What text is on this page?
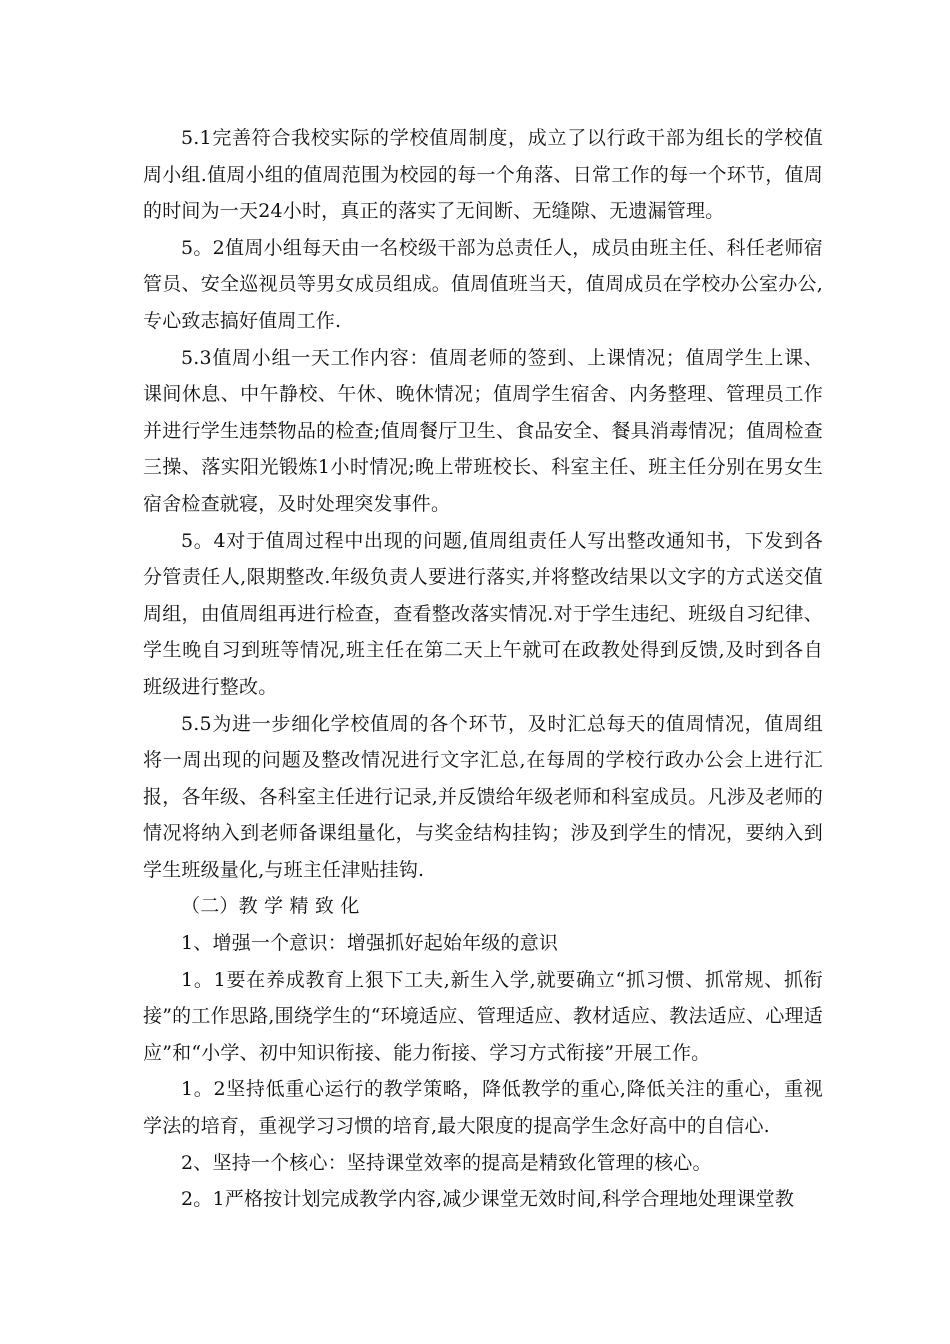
5.1完善符合我校实际的学校值周制度，成立了以行政干部为组长的学校值周小组.值周小组的值周范围为校园的每一个角落、日常工作的每一个环节，值周的时间为一天24小时，真正的落实了无间断、无缝隙、无遗漏管理。

5。2值周小组每天由一名校级干部为总责任人，成员由班主任、科任老师宿管员、安全巡视员等男女成员组成。值周值班当天，值周成员在学校办公室办公,专心致志搞好值周工作.

5.3值周小组一天工作内容：值周老师的签到、上课情况；值周学生上课、课间休息、中午静校、午休、晚休情况；值周学生宿舍、内务整理、管理员工作并进行学生违禁物品的检查;值周餐厅卫生、食品安全、餐具消毒情况；值周检查三操、落实阳光锻炼1小时情况;晚上带班校长、科室主任、班主任分别在男女生宿舍检查就寝，及时处理突发事件。

5。4对于值周过程中出现的问题,值周组责任人写出整改通知书，下发到各分管责任人,限期整改.年级负责人要进行落实,并将整改结果以文字的方式送交值周组，由值周组再进行检查，查看整改落实情况.对于学生违纪、班级自习纪律、学生晚自习到班等情况,班主任在第二天上午就可在政教处得到反馈,及时到各自班级进行整改。

5.5为进一步细化学校值周的各个环节，及时汇总每天的值周情况，值周组将一周出现的问题及整改情况进行文字汇总,在每周的学校行政办公会上进行汇报，各年级、各科室主任进行记录,并反馈给年级老师和科室成员。凡涉及老师的情况将纳入到老师备课组量化，与奖金结构挂钩；涉及到学生的情况，要纳入到学生班级量化,与班主任津贴挂钩.

（二）教 学 精 致 化

1、增强一个意识：增强抓好起始年级的意识

1。1要在养成教育上狠下工夫,新生入学,就要确立“抓习惯、抓常规、抓衔接”的工作思路,围绕学生的“环境适应、管理适应、教材适应、教法适应、心理适应”和“小学、初中知识衔接、能力衔接、学习方式衔接”开展工作。

1。2坚持低重心运行的教学策略，降低教学的重心,降低关注的重心，重视学法的培育，重视学习习惯的培育,最大限度的提高学生念好高中的自信心.

2、坚持一个核心：坚持课堂效率的提高是精致化管理的核心。

2。1严格按计划完成教学内容,减少课堂无效时间,科学合理地处理课堂教
